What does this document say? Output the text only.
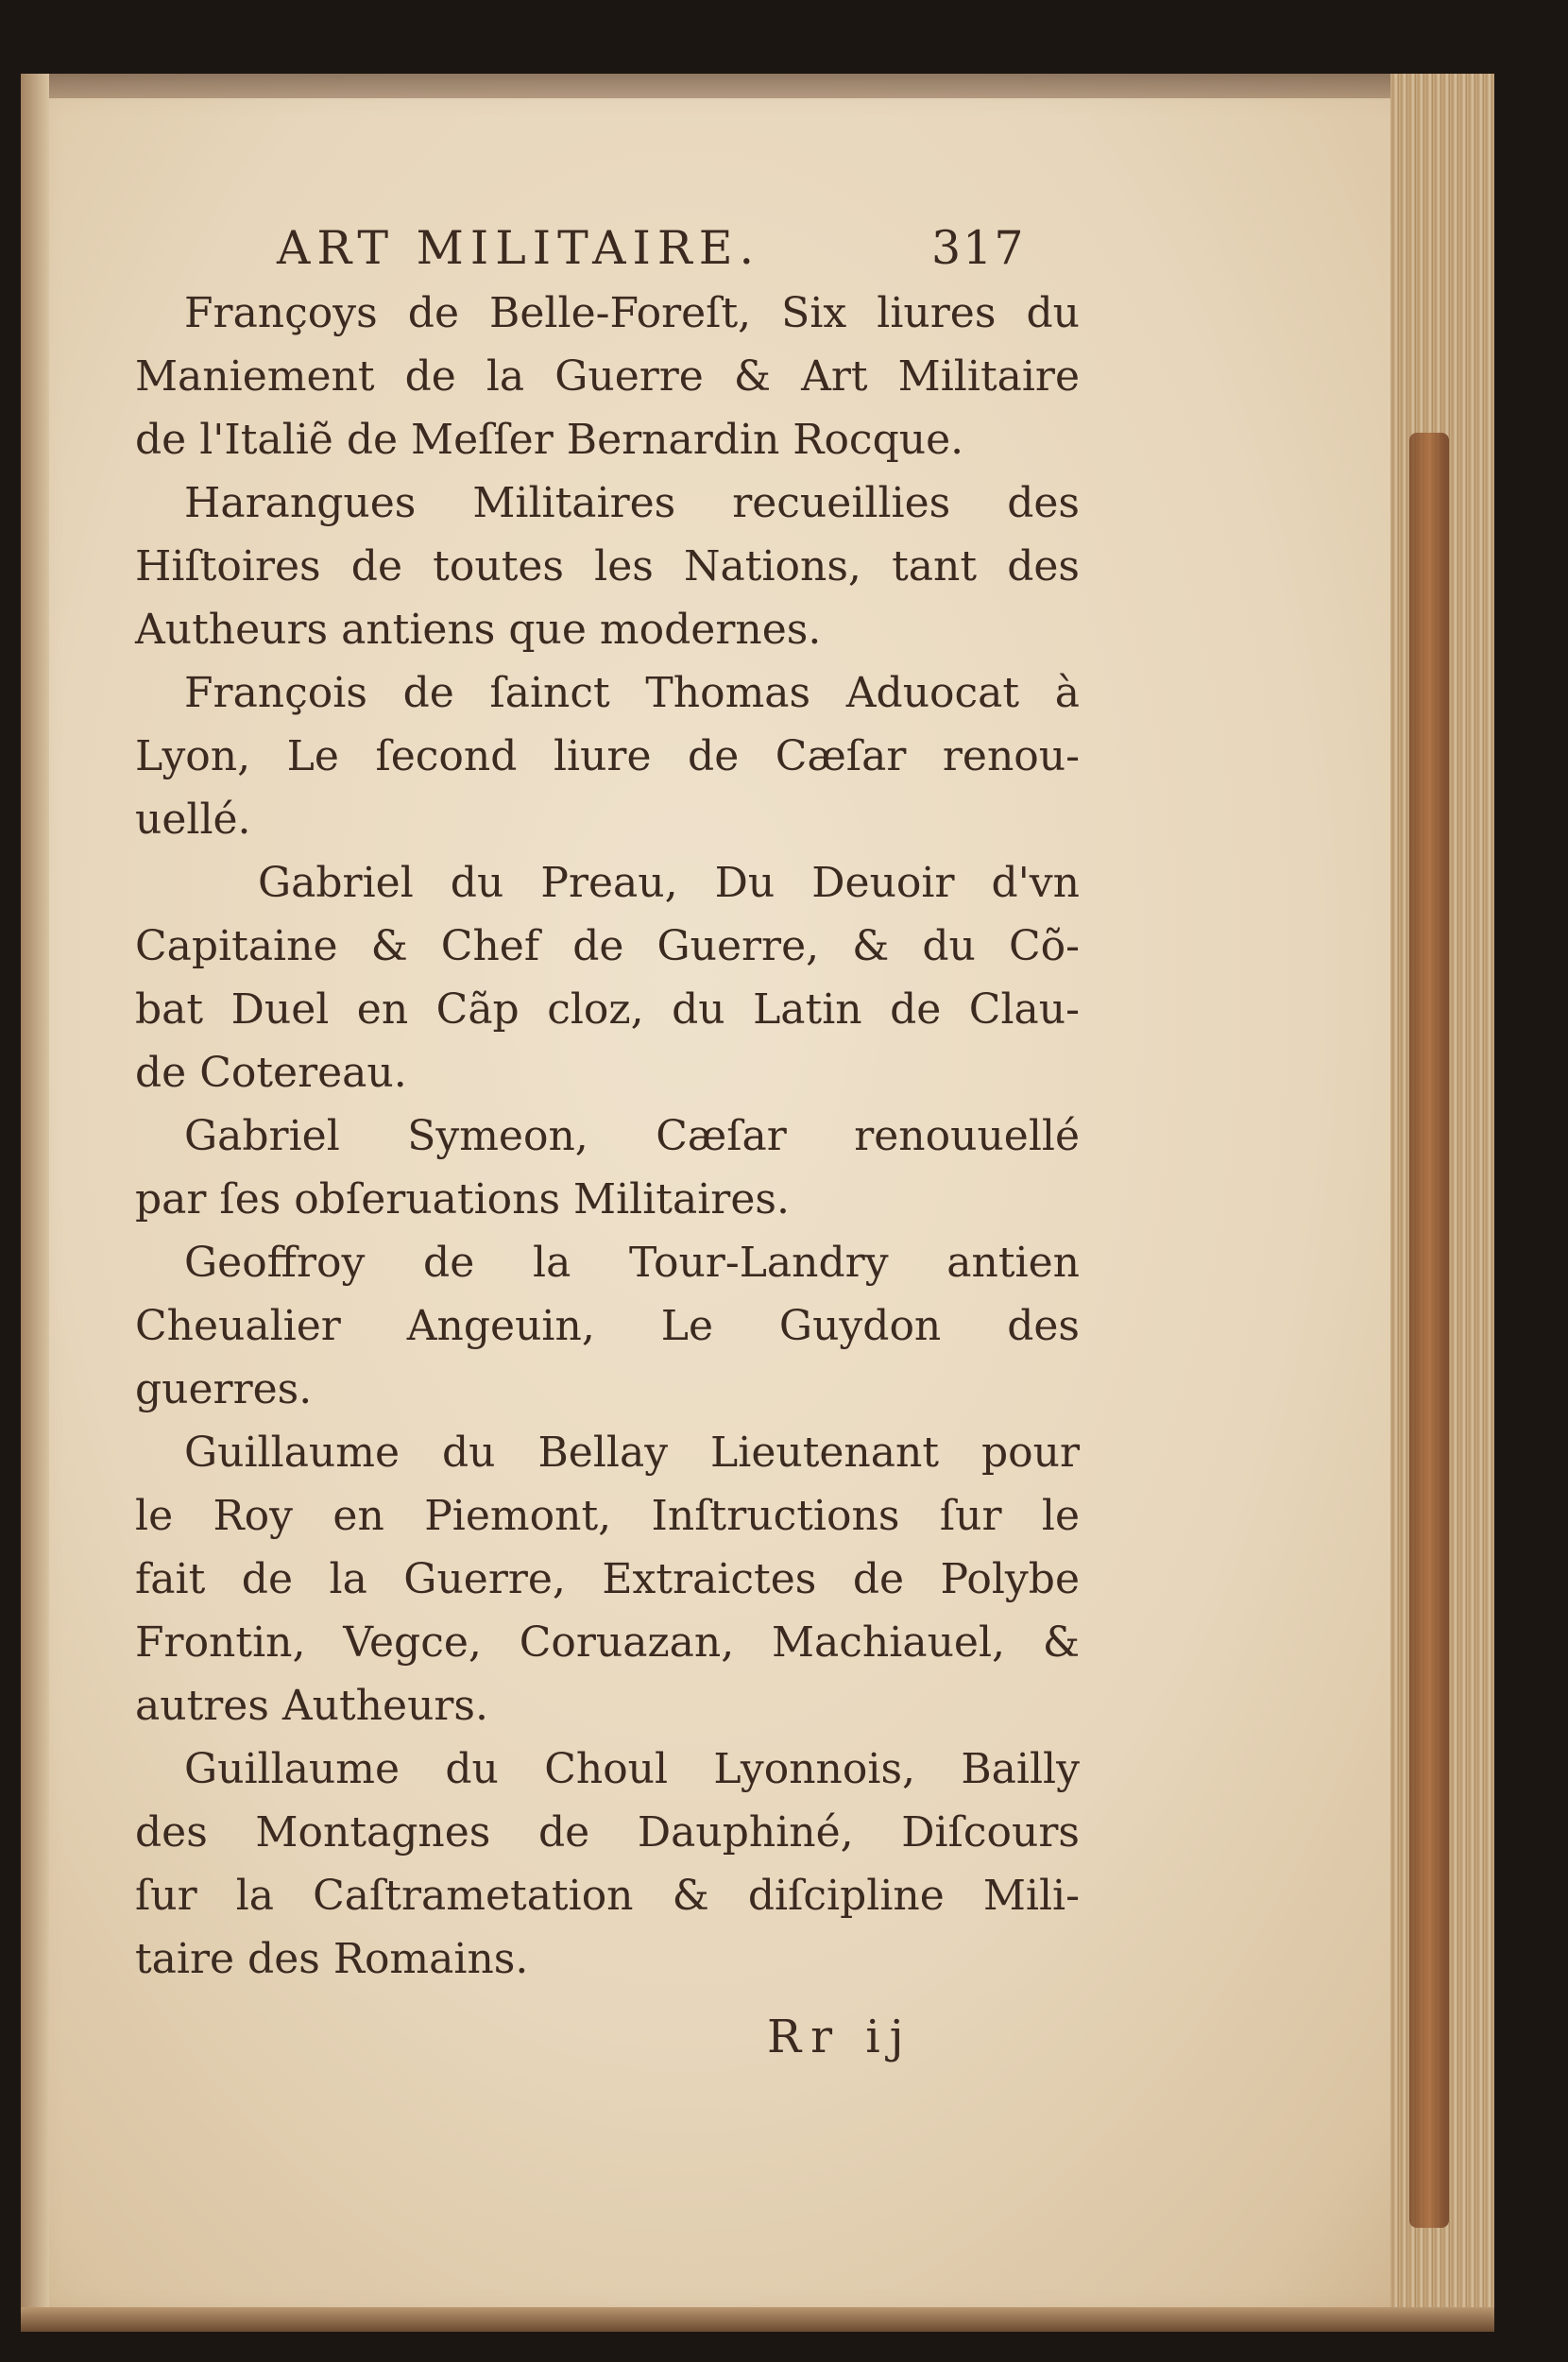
ART MILITAIRE.	317
Françoys de Belle-Foreſt, Six liures du
Maniement de la Guerre & Art Militaire
de l'Italiẽ de Meſſer Bernardin Rocque.
Harangues Militaires recueillies des
Hiſtoires de toutes les Nations, tant des
Autheurs antiens que modernes.
François de ſainct Thomas Aduocat à
Lyon, Le ſecond liure de Cæſar renou-
uellé.
Gabriel du Preau, Du Deuoir d'vn
Capitaine & Chef de Guerre, & du Cõ-
bat Duel en Cãp cloz, du Latin de Clau-
de Cotereau.
Gabriel Symeon, Cæſar renouuellé
par ſes obſeruations Militaires.
Geoffroy de la Tour-Landry antien
Cheualier Angeuin, Le Guydon des
guerres.
Guillaume du Bellay Lieutenant pour
le Roy en Piemont, Inſtructions ſur le
fait de la Guerre, Extraictes de Polybe
Frontin, Vegce, Coruazan, Machiauel, &
autres Autheurs.
Guillaume du Choul Lyonnois, Bailly
des Montagnes de Dauphiné, Diſcours
ſur la Caſtrametation & diſcipline Mili-
taire des Romains.
Rr ij
